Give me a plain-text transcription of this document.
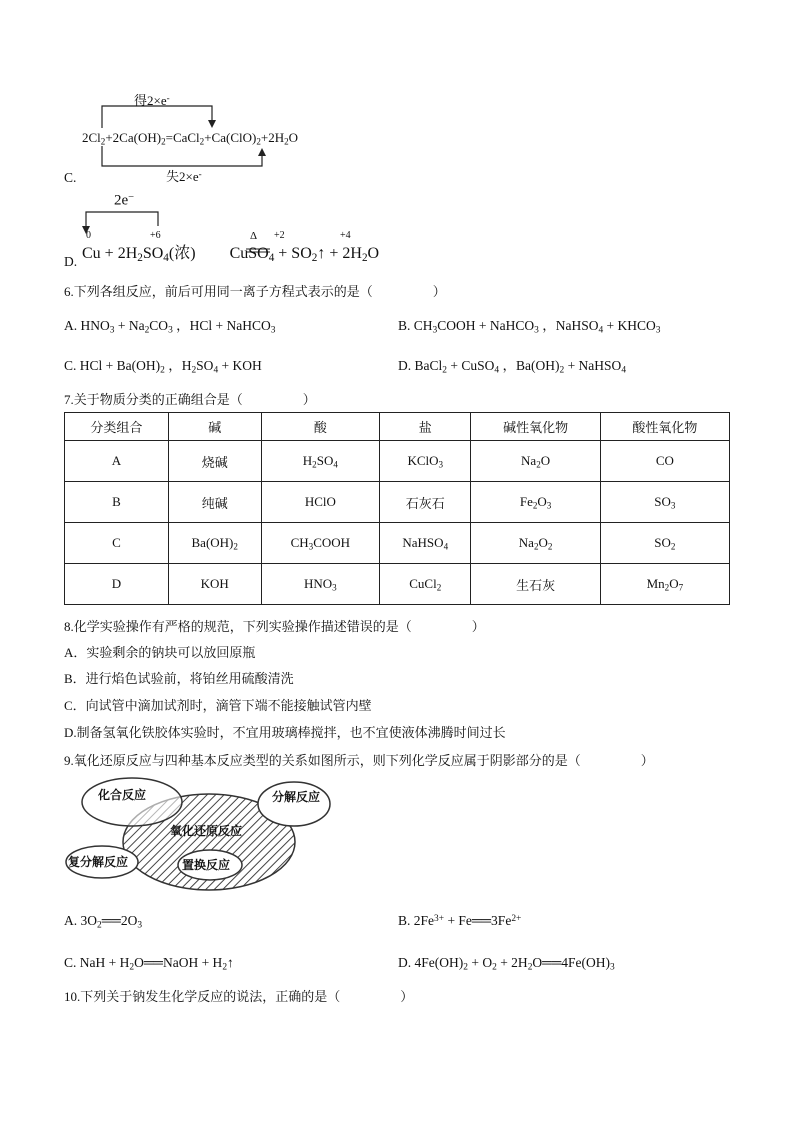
得2×e-
$2Cl_2+2Ca(OH)_2=CaCl_2+Ca(ClO)_2+2H_2O$
失2×e-
C.
2e−
0	+6	Δ +2	+4
$Cu + 2H_2SO_4$(浓) CuSO$_4$ + $SO_2↑ + 2H_2O$
D.
6.下列各组反应，前后可用同一离子方程式表示的是（	）
A. $HNO_3 + Na_2CO_3$ ，HCl + NaHCO$_3$	B. $CH_3COOH$ + NaHCO$_3$ ，NaHSO$_4$ + $KHCO_3$
C. HCl + $Ba(OH)_2$ ，$H_2SO_4$ + KOH	D. BaCl$_2$ + CuSO$_4$ ，$Ba(OH)_2$ + NaHSO$_4$
7.关于物质分类的正确组合是（	）
分类组合	碱	酸	盐	碱性氧化物	酸性氧化物
A	烧碱	$H_2SO_4$	KClO$_3$	$Na_2O$	CO
B	纯碱	HClO	石灰石	$Fe_2O_3$	$SO_3$
C	$Ba(OH)_2$	$CH_3COOH$	NaHSO$_4$	$Na_2O_2$	$SO_2$
D	KOH	$HNO_3$	CuCl$_2$	生石灰	$Mn_2O_7$
8.化学实验操作有严格的规范，下列实验操作描述错误的是（	）
A．实验剩余的钠块可以放回原瓶
B．进行焰色试验前，将铂丝用硫酸清洗
C．向试管中滴加试剂时，滴管下端不能接触试管内壁
D.制备氢氧化铁胶体实验时，不宜用玻璃棒搅拌，也不宜使液体沸腾时间过长
9.氧化还原反应与四种基本反应类型的关系如图所示，则下列化学反应属于阴影部分的是（	）
化合反应	分解反应
氧化还原反应
复分解反应	置换反应
A. $3O_2══2O_3$	B. $2Fe^{3+}$ + $Fe══3Fe^{2+}$
C. NaH + $H_2O══NaOH$ + $H_2↑$	D. $4Fe(OH)_2 + O_2$ + $2H_2O══4Fe(OH)_3$
10.下列关于钠发生化学反应的说法，正确的是（	）
